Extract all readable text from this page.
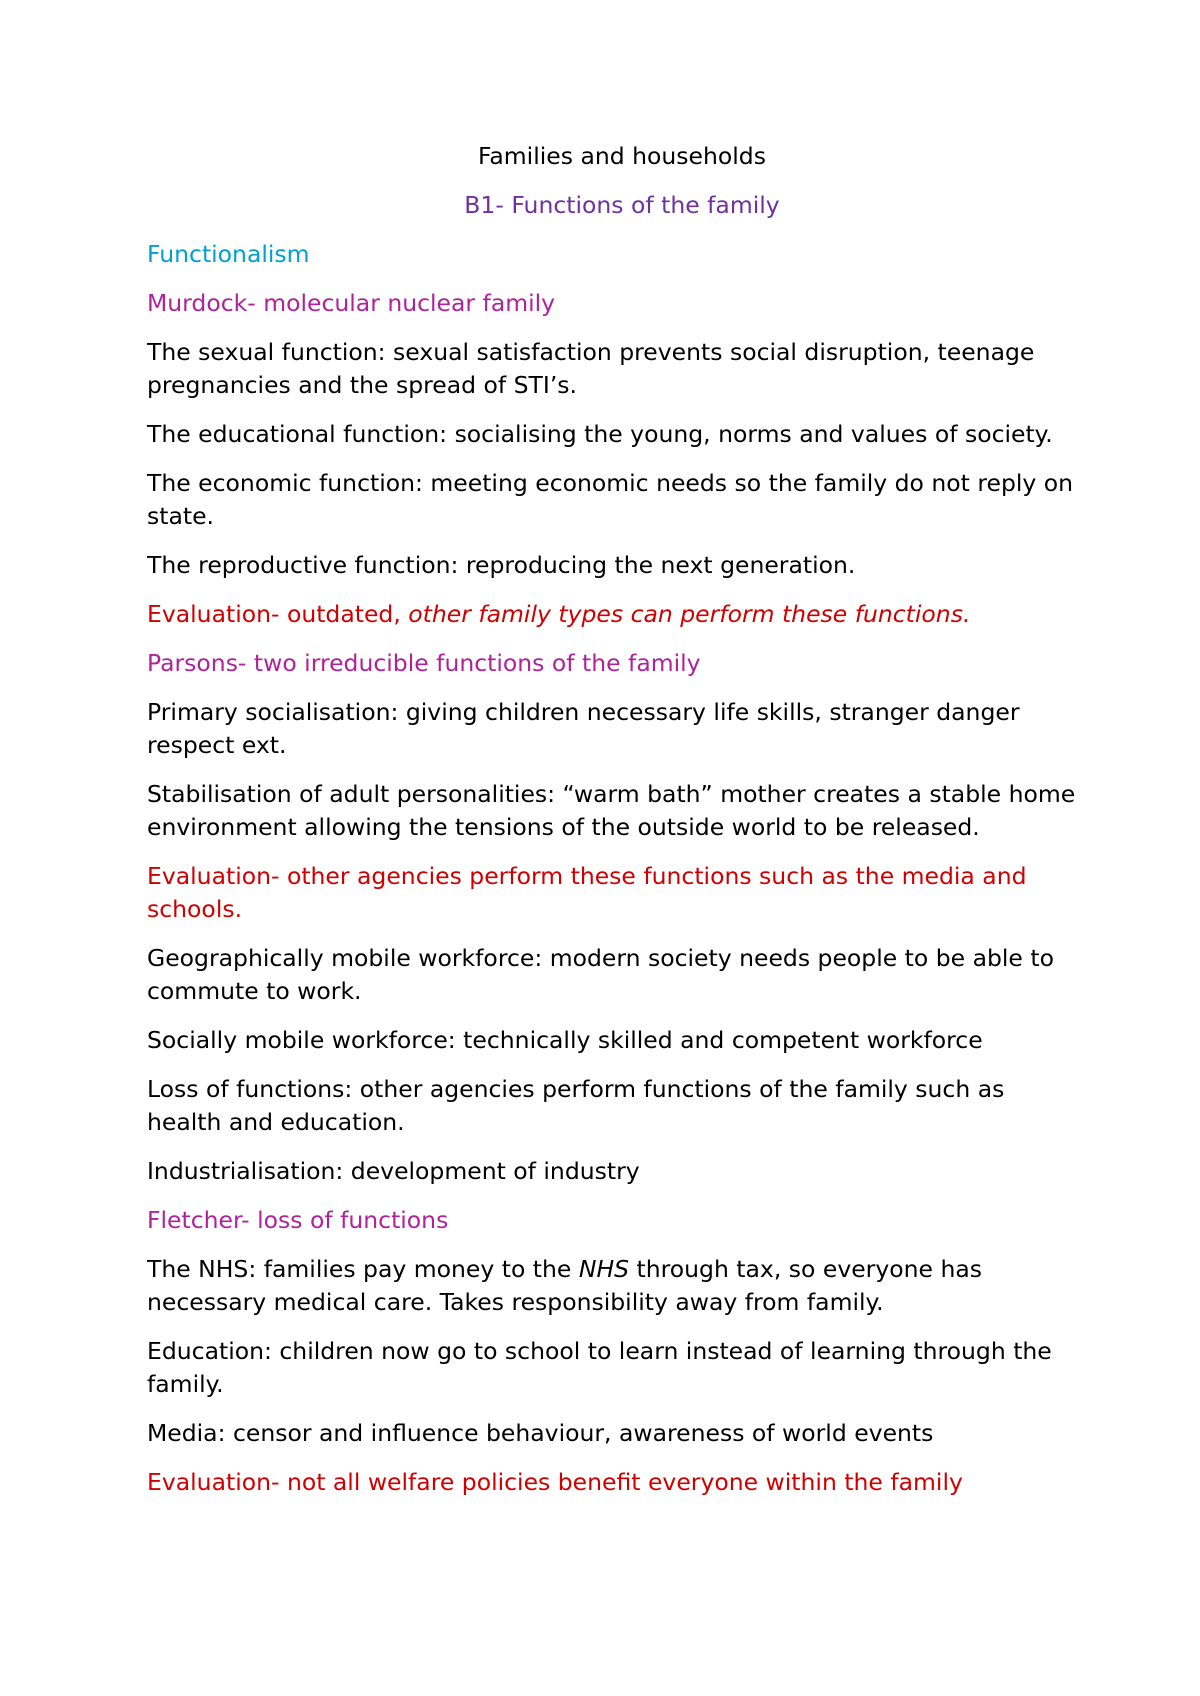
Families and households

B1- Functions of the family

Functionalism

Murdock- molecular nuclear family

The sexual function: sexual satisfaction prevents social disruption, teenage pregnancies and the spread of STI’s.

The educational function: socialising the young, norms and values of society.

The economic function: meeting economic needs so the family do not reply on state.

The reproductive function: reproducing the next generation.

Evaluation- outdated, other family types can perform these functions.

Parsons- two irreducible functions of the family

Primary socialisation: giving children necessary life skills, stranger danger respect ext.

Stabilisation of adult personalities: “warm bath” mother creates a stable home environment allowing the tensions of the outside world to be released.

Evaluation- other agencies perform these functions such as the media and schools.

Geographically mobile workforce: modern society needs people to be able to commute to work.

Socially mobile workforce: technically skilled and competent workforce

Loss of functions: other agencies perform functions of the family such as health and education.

Industrialisation: development of industry

Fletcher- loss of functions

The NHS: families pay money to the NHS through tax, so everyone has necessary medical care. Takes responsibility away from family.

Education: children now go to school to learn instead of learning through the family.

Media: censor and influence behaviour, awareness of world events

Evaluation- not all welfare policies benefit everyone within the family
